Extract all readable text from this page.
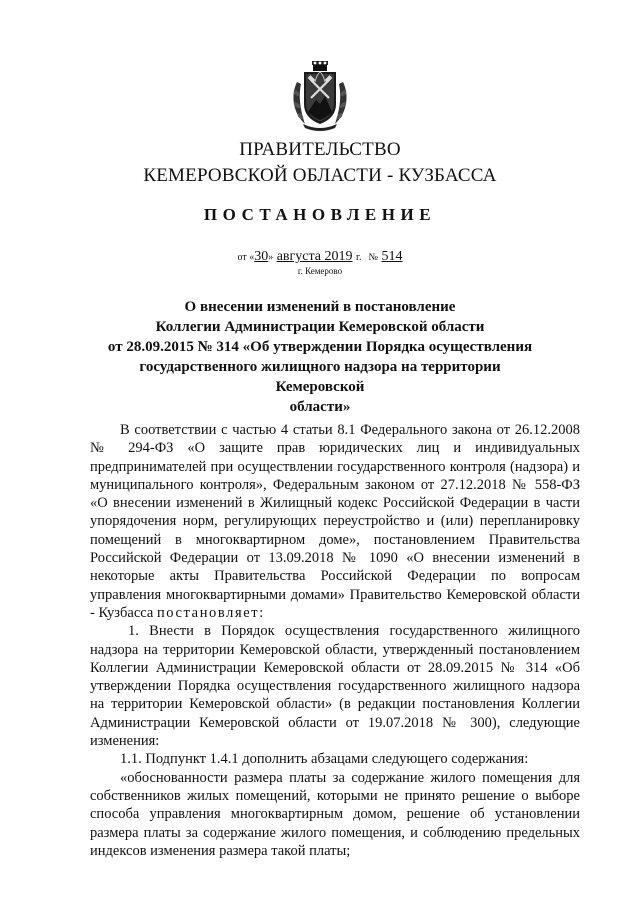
ПРАВИТЕЛЬСТВО
КЕМЕРОВСКОЙ ОБЛАСТИ - КУЗБАССА
ПОСТАНОВЛЕНИЕ
от «30» августа 2019 г. № 514
г. Кемерово
О внесении изменений в постановление
Коллегии Администрации Кемеровской области
от 28.09.2015 № 314 «Об утверждении Порядка осуществления
государственного жилищного надзора на территории Кемеровской
области»

В соответствии с частью 4 статьи 8.1 Федерального закона от 26.12.2008 № 294-ФЗ «О защите прав юридических лиц и индивидуальных предпринимателей при осуществлении государственного контроля (надзора) и муниципального контроля», Федеральным законом от 27.12.2018 № 558-ФЗ «О внесении изменений в Жилищный кодекс Российской Федерации в части упорядочения норм, регулирующих переустройство и (или) перепланировку помещений в многоквартирном доме», постановлением Правительства Российской Федерации от 13.09.2018 № 1090 «О внесении изменений в некоторые акты Правительства Российской Федерации по вопросам управления многоквартирными домами» Правительство Кемеровской области - Кузбасса постановляет:

1. Внести в Порядок осуществления государственного жилищного надзора на территории Кемеровской области, утвержденный постановлением Коллегии Администрации Кемеровской области от 28.09.2015 № 314 «Об утверждении Порядка осуществления государственного жилищного надзора на территории Кемеровской области» (в редакции постановления Коллегии Администрации Кемеровской области от 19.07.2018 № 300), следующие изменения:

1.1. Подпункт 1.4.1 дополнить абзацами следующего содержания:

«обоснованности размера платы за содержание жилого помещения для собственников жилых помещений, которыми не принято решение о выборе способа управления многоквартирным домом, решение об установлении размера платы за содержание жилого помещения, и соблюдению предельных индексов изменения размера такой платы;
